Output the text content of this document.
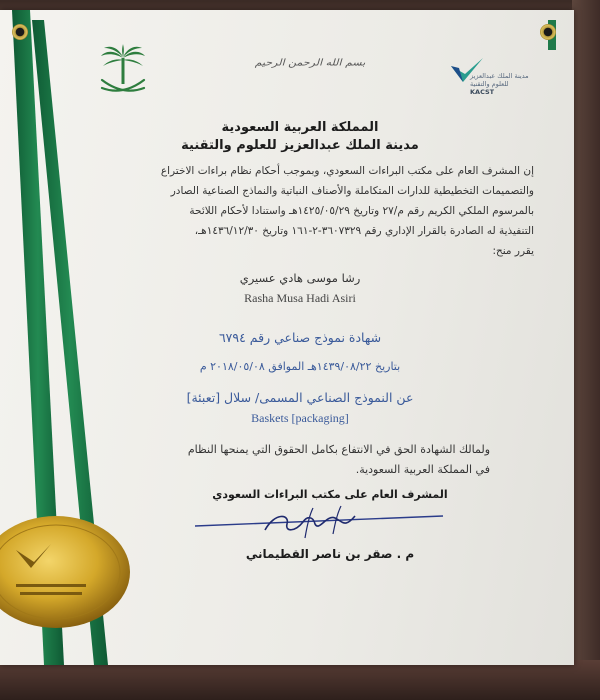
بسم الله الرحمن الرحيم
مدينة الملك عبدالعزيز للعلوم والتقنية
KACST
المملكة العربية السعودية
مدينة الملك عبدالعزيز للعلوم والتقنية
إن المشرف العام على مكتب البراءات السعودي، وبموجب أحكام نظام براءات الاختراع
والتصميمات التخطيطية للدارات المتكاملة والأصناف النباتية والنماذج الصناعية الصادر
بالمرسوم الملكي الكريم رقم م/٢٧ وتاريخ ١٤٢٥/٠٥/٢٩هـ واستنادا لأحكام اللائحة
التنفيذية له الصادرة بالقرار الإداري رقم ٣٦٠٧٣٢٩-٢-١٦١ وتاريخ ١٤٣٦/١٢/٣٠هـ،
يقرر منح:
رشا موسى هادي عسيري
Rasha Musa Hadi Asiri
شهادة نموذج صناعي رقم ٦٧٩٤
بتاريخ ١٤٣٩/٠٨/٢٢هـ الموافق ٢٠١٨/٠٥/٠٨ م
عن النموذج الصناعي المسمى/ سلال [تعبئة]
Baskets [packaging]
ولمالك الشهادة الحق في الانتفاع بكامل الحقوق التي يمنحها النظام
في المملكة العربية السعودية.
المشرف العام على مكتب البراءات السعودي
م . صقر بن ناصر القطيماني
